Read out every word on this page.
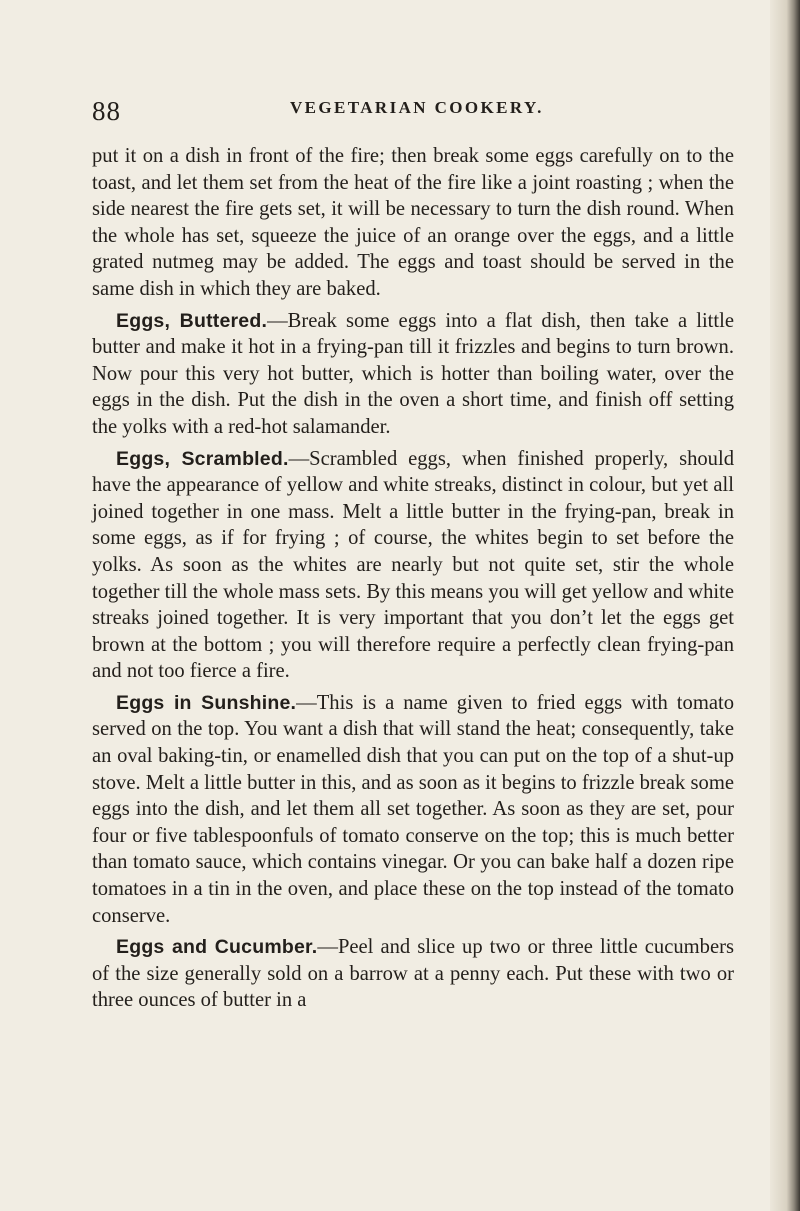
88	VEGETARIAN COOKERY.

put it on a dish in front of the fire; then break some eggs carefully on to the toast, and let them set from the heat of the fire like a joint roasting ; when the side nearest the fire gets set, it will be necessary to turn the dish round. When the whole has set, squeeze the juice of an orange over the eggs, and a little grated nutmeg may be added. The eggs and toast should be served in the same dish in which they are baked.

Eggs, Buttered.—Break some eggs into a flat dish, then take a little butter and make it hot in a frying-pan till it frizzles and begins to turn brown. Now pour this very hot butter, which is hotter than boiling water, over the eggs in the dish. Put the dish in the oven a short time, and finish off setting the yolks with a red-hot salamander.

Eggs, Scrambled.—Scrambled eggs, when finished properly, should have the appearance of yellow and white streaks, distinct in colour, but yet all joined together in one mass. Melt a little butter in the frying-pan, break in some eggs, as if for frying ; of course, the whites begin to set before the yolks. As soon as the whites are nearly but not quite set, stir the whole together till the whole mass sets. By this means you will get yellow and white streaks joined together. It is very important that you don’t let the eggs get brown at the bottom ; you will therefore require a perfectly clean frying-pan and not too fierce a fire.

Eggs in Sunshine.—This is a name given to fried eggs with tomato served on the top. You want a dish that will stand the heat; consequently, take an oval baking-tin, or enamelled dish that you can put on the top of a shut-up stove. Melt a little butter in this, and as soon as it begins to frizzle break some eggs into the dish, and let them all set together. As soon as they are set, pour four or five tablespoonfuls of tomato conserve on the top; this is much better than tomato sauce, which contains vinegar. Or you can bake half a dozen ripe tomatoes in a tin in the oven, and place these on the top instead of the tomato conserve.

Eggs and Cucumber.—Peel and slice up two or three little cucumbers of the size generally sold on a barrow at a penny each. Put these with two or three ounces of butter in a
